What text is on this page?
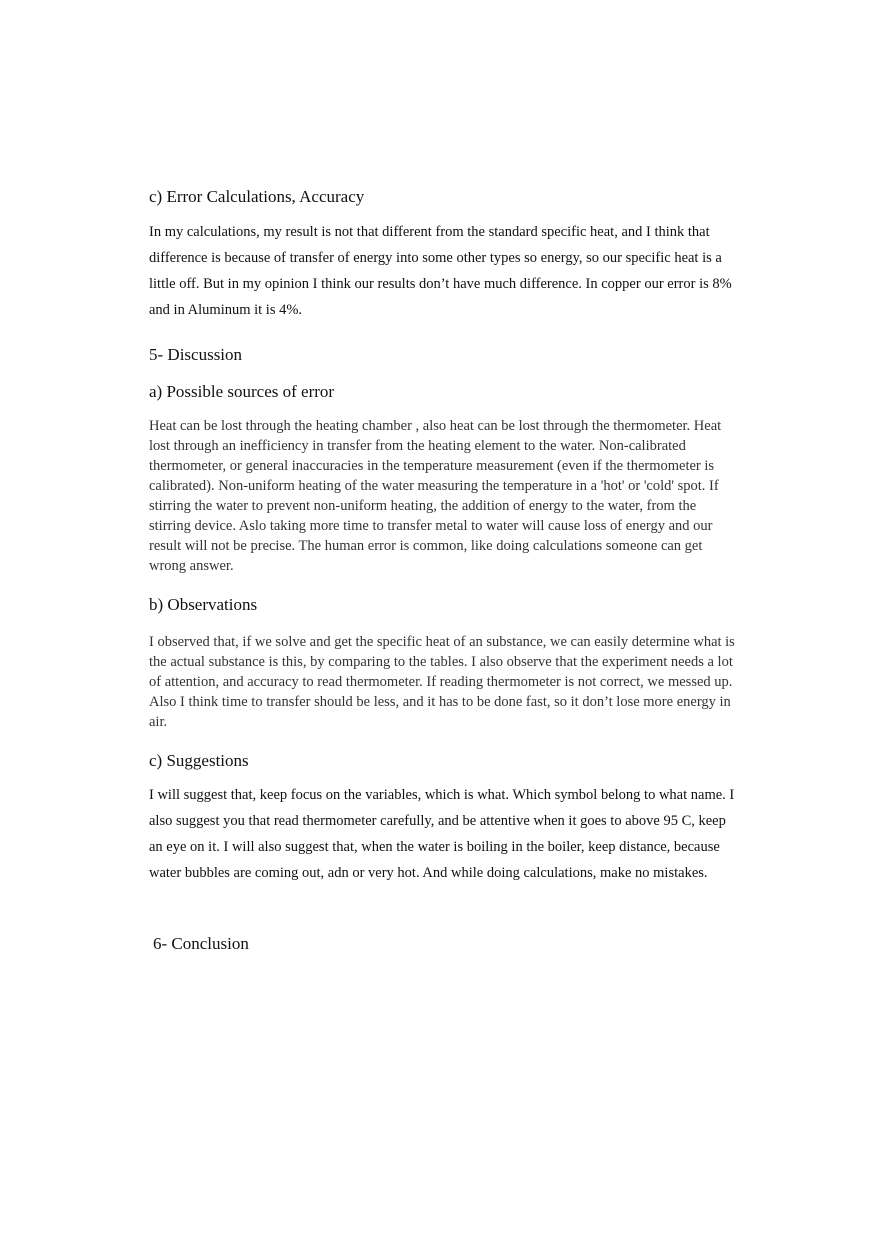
c) Error Calculations, Accuracy

In my calculations, my result is not that different from the standard specific heat, and I think that difference is because of transfer of energy into some other types so energy, so our specific heat is a little off. But in my opinion I think our results don’t have much difference. In copper our error is 8% and in Aluminum it is 4%.

5- Discussion
a) Possible sources of error

Heat can be lost through the heating chamber , also heat can be lost through the thermometer. Heat lost through an inefficiency in transfer from the heating element to the water. Non-calibrated thermometer, or general inaccuracies in the temperature measurement (even if the thermometer is calibrated). Non-uniform heating of the water measuring the temperature in a 'hot' or 'cold' spot. If stirring the water to prevent non-uniform heating, the addition of energy to the water, from the stirring device. Aslo taking more time to transfer metal to water will cause loss of energy and our result will not be precise. The human error is common, like doing calculations someone can get wrong answer.

b) Observations

I observed that, if we solve and get the specific heat of an substance, we can easily determine what is the actual substance is this, by comparing to the tables. I also observe that the experiment needs a lot of attention, and accuracy to read thermometer. If reading thermometer is not correct, we messed up. Also I think time to transfer should be less, and it has to be done fast, so it don’t lose more energy in air.

c) Suggestions

I will suggest that, keep focus on the variables, which is what. Which symbol belong to what name. I also suggest you that read thermometer carefully, and be attentive when it goes to above 95 C, keep an eye on it. I will also suggest that, when the water is boiling in the boiler, keep distance, because water bubbles are coming out, adn or very hot. And while doing calculations, make no mistakes.

6- Conclusion
